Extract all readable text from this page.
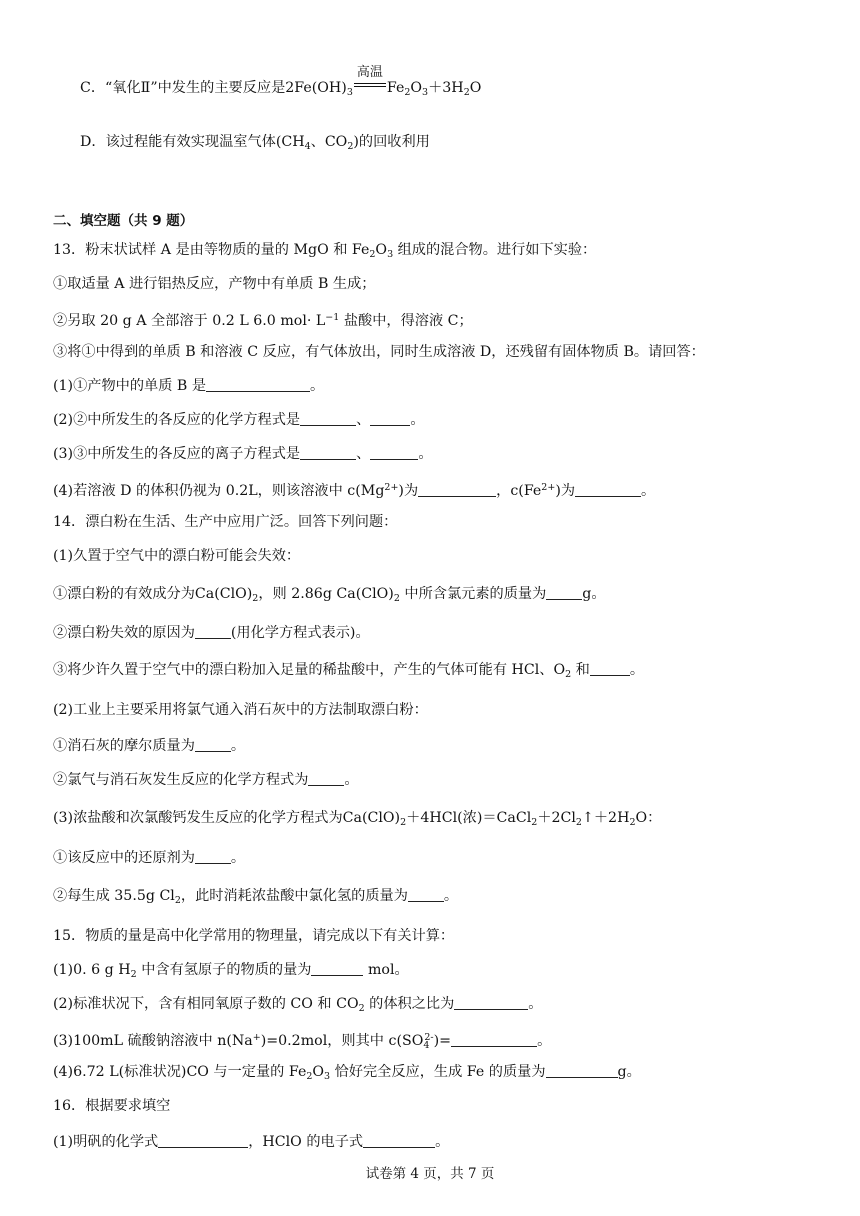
C．“氧化Ⅱ”中发生的主要反应是$2Fe(OH)_3$
高温
$Fe_2O_3+3H_2O$
D．该过程能有效实现温室气体($CH_4$、$CO_2$)的回收利用
二、填空题（共 9 题）
13．粉末状试样 A 是由等物质的量的 MgO 和 $Fe_2O_3$ 组成的混合物。进行如下实验：
①取适量 A 进行铝热反应，产物中有单质 B 生成；
②另取 20 g A 全部溶于 0.2 L 6.0 $mol\cdot L^{-1}$ 盐酸中，得溶液 C；
③将①中得到的单质 B 和溶液 C 反应，有气体放出，同时生成溶液 D，还残留有固体物质 B。请回答：
(1)①产物中的单质 B 是	。
(2)②中所发生的各反应的化学方程式是	、	。
(3)③中所发生的各反应的离子方程式是	、	。
(4)若溶液 D 的体积仍视为 0.2L，则该溶液中 $c(Mg^{2+})$为	，$c(Fe^{2+})$为	。
14．漂白粉在生活、生产中应用广泛。回答下列问题：
(1)久置于空气中的漂白粉可能会失效：
①漂白粉的有效成分为$Ca(ClO)_2$，则 2.86g $Ca(ClO)_2$ 中所含氯元素的质量为	g。
②漂白粉失效的原因为	(用化学方程式表示)。
③将少许久置于空气中的漂白粉加入足量的稀盐酸中，产生的气体可能有 HCl、$O_2$ 和	。
(2)工业上主要采用将氯气通入消石灰中的方法制取漂白粉：
①消石灰的摩尔质量为	。
②氯气与消石灰发生反应的化学方程式为	。
(3)浓盐酸和次氯酸钙发生反应的化学方程式为$Ca(ClO)_2+4HCl$(浓)$=CaCl_2+2Cl_2↑+2H_2O$：
①该反应中的还原剂为	。
②每生成 35.5g $Cl_2$，此时消耗浓盐酸中氯化氢的质量为	。
15．物质的量是高中化学常用的物理量，请完成以下有关计算：
(1)0. 6 g $H_2$ 中含有氢原子的物质的量为	mol。
(2)标准状况下，含有相同氧原子数的 CO 和 $CO_2$ 的体积之比为	。
(3)100mL 硫酸钠溶液中 n(Na+)=0.2mol，则其中 $c(SO_4^{2-})=$	。
(4)6.72 L(标准状况)CO 与一定量的 $Fe_2O_3$ 恰好完全反应，生成 Fe 的质量为	g。
16．根据要求填空
(1)明矾的化学式	，HClO 的电子式	。
试卷第 4 页，共 7 页
